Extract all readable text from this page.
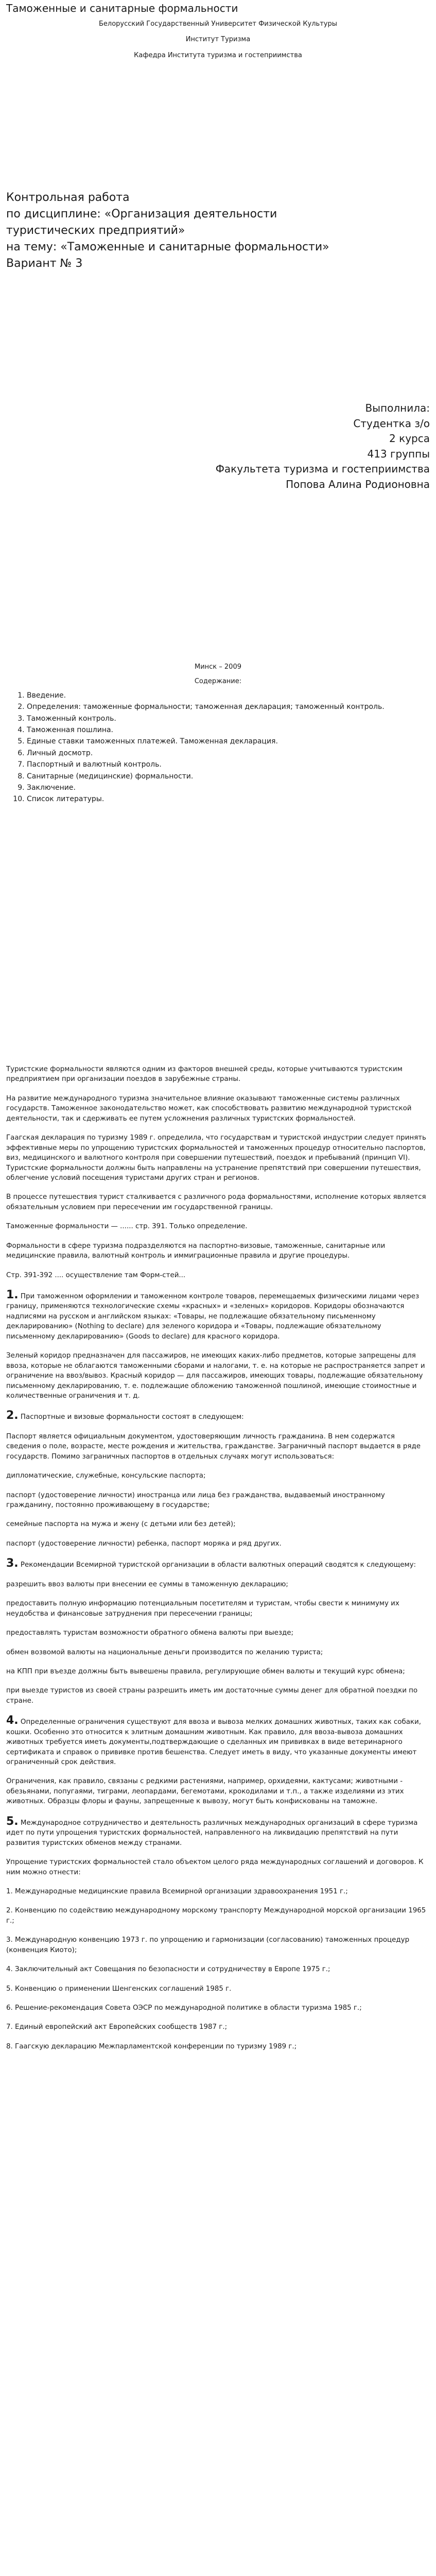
Таможенные и санитарные формальности

Белорусский Государственный Университет Физической Культуры

Институт Туризма

Кафедра Института туризма и гостеприимства

Контрольная работа

по дисциплине: «Организация деятельности

туристических предприятий»

на тему: «Таможенные и санитарные формальности»

Вариант № 3

Выполнила:

Студентка з/о

2 курса

413 группы

Факультета туризма и гостеприимства

Попова Алина Родионовна

Минск – 2009

Содержание:

1. Введение.
2. Определения: таможенные формальности; таможенная декларация; таможенный контроль.
3. Таможенный контроль.
4. Таможенная пошлина.
5. Единые ставки таможенных платежей. Таможенная декларация.
6. Личный досмотр.
7. Паспортный и валютный контроль.
8. Санитарные (медицинские) формальности.
9. Заключение.
10. Список литературы.

Туристские формальности являются одним из факторов внешней среды, которые учитываются туристским предприятием при организации поездов в зарубежные страны.

На развитие международного туризма значительное влияние оказывают таможенные системы различных государств. Таможенное законодательство может, как способствовать развитию международной туристской деятельности, так и сдерживать ее путем усложнения различных туристских формальностей.

Гаагская декларация по туризму 1989 г. определила, что государствам и туристской индустрии следует принять эффективные меры по упрощению туристских формальностей и таможенных процедур относительно паспортов, виз, медицинского и валютного контроля при совершении путешествий, поездок и пребываний (принцип VI). Туристские формальности должны быть направлены на устранение препятствий при совершении путешествия, облегчение условий посещения туристами других стран и регионов.

В процессе путешествия турист сталкивается с различного рода формальностями, исполнение которых является обязательным условием при пересечении им государственной границы.

Таможенные формальности — ...... стр. 391. Только определение.

Формальности в сфере туризма подразделяются на паспортно-визовые, таможенные, санитарные или медицинские правила, валютный контроль и иммиграционные правила и другие процедуры.

Стр. 391-392 .... осуществление там Форм-стей...

1. При таможенном оформлении и таможенном контроле товаров, перемещаемых физическими лицами через границу, применяются технологические схемы «красных» и «зеленых» коридоров. Коридоры обозначаются надписями на русском и английском языках: «Товары, не подлежащие обязательному письменному декларированию» (Nothing to declare) для зеленого коридора и «Товары, подлежащие обязательному письменному декларированию» (Goods to declare) для красного коридора.

Зеленый коридор предназначен для пассажиров, не имеющих каких-либо предметов, которые запрещены для ввоза, которые не облагаются таможенными сборами и налогами, т. е. на которые не распространяется запрет и ограничение на ввоз/вывоз. Красный коридор — для пассажиров, имеющих товары, подлежащие обязательному письменному декларированию, т. е. подлежащие обложению таможенной пошлиной, имеющие стоимостные и количественные ограничения и т. д.

2. Паспортные и визовые формальности состоят в следующем:

Паспорт является официальным документом, удостоверяющим личность гражданина. В нем содержатся сведения о поле, возрасте, месте рождения и жительства, гражданстве. Заграничный паспорт выдается в ряде государств. Помимо заграничных паспортов в отдельных случаях могут использоваться:

дипломатические, служебные, консульские паспорта;

паспорт (удостоверение личности) иностранца или лица без гражданства, выдаваемый иностранному гражданину, постоянно проживающему в государстве;

семейные паспорта на мужа и жену (с детьми или без детей);

паспорт (удостоверение личности) ребенка, паспорт моряка и ряд других.

3. Рекомендации Всемирной туристской организации в области валютных операций сводятся к следующему:

разрешить ввоз валюты при внесении ее суммы в таможенную декларацию;

предоставить полную информацию потенциальным посетителям и туристам, чтобы свести к минимуму их неудобства и финансовые затруднения при пересечении границы;

предоставлять туристам возможности обратного обмена валюты при выезде;

обмен возвомой валюты на национальные деньги производится по желанию туриста;

на КПП при въезде должны быть вывешены правила, регулирующие обмен валюты и текущий курс обмена;

при выезде туристов из своей страны разрешить иметь им достаточные суммы денег для обратной поездки по стране.

4. Определенные ограничения существуют для ввоза и вывоза мелких домашних животных, таких как собаки, кошки. Особенно это относится к элитным домашним животным. Как правило, для ввоза-вывоза домашних животных требуется иметь документы,подтверждающие о сделанных им прививках в виде ветеринарного сертификата и справок о прививке против бешенства. Следует иметь в виду, что указанные документы имеют ограниченный срок действия.

Ограничения, как правило, связаны с редкими растениями, например, орхидеями, кактусами; животными - обезьянами, попугаями, тиграми, леопардами, бегемотами, крокодилами и т.п., а также изделиями из этих животных. Образцы флоры и фауны, запрещенные к вывозу, могут быть конфискованы на таможне.

5. Международное сотрудничество и деятельность различных международных организаций в сфере туризма идет по пути упрощения туристских формальностей, направленного на ликвидацию препятствий на пути развития туристских обменов между странами.

Упрощение туристских формальностей стало объектом целого ряда международных соглашений и договоров. К ним можно отнести:

1. Международные медицинские правила Всемирной организации здравоохранения 1951 г.;

2. Конвенцию по содействию международному морскому транспорту Международной морской организации 1965 г.;

3. Международную конвенцию 1973 г. по упрощению и гармонизации (согласованию) таможенных процедур (конвенция Киото);

4. Заключительный акт Совещания по безопасности и сотрудничеству в Европе 1975 г.;

5. Конвенцию о применении Шенгенских соглашений 1985 г.

6. Решение-рекомендация Совета ОЭСР по международной политике в области туризма 1985 г.;

7. Единый европейский акт Европейских сообществ 1987 г.;

8. Гаагскую декларацию Межпарламентской конференции по туризму 1989 г.;
